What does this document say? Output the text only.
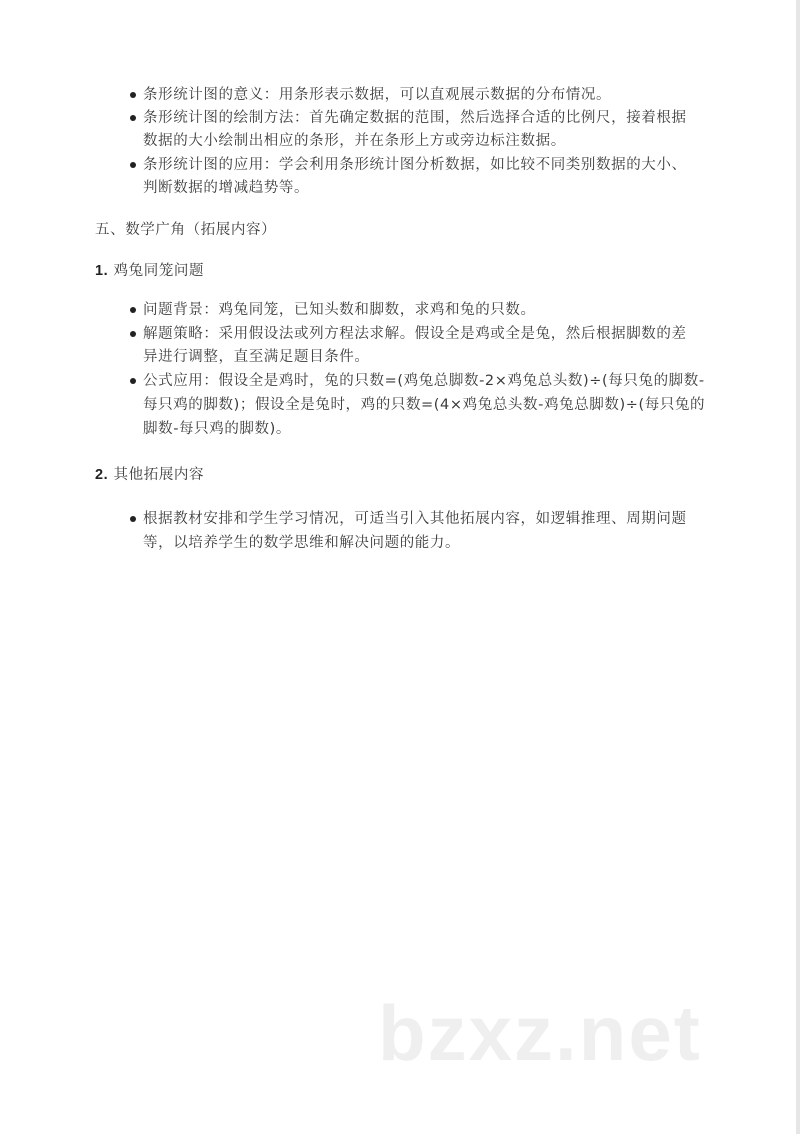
条形统计图的意义：用条形表示数据，可以直观展示数据的分布情况。
条形统计图的绘制方法：首先确定数据的范围，然后选择合适的比例尺，接着根据
数据的大小绘制出相应的条形，并在条形上方或旁边标注数据。
条形统计图的应用：学会利用条形统计图分析数据，如比较不同类别数据的大小、
判断数据的增减趋势等。
五、数学广角（拓展内容）
1. 鸡兔同笼问题
问题背景：鸡兔同笼，已知头数和脚数，求鸡和兔的只数。
解题策略：采用假设法或列方程法求解。假设全是鸡或全是兔，然后根据脚数的差
异进行调整，直至满足题目条件。
公式应用：假设全是鸡时，兔的只数=(鸡兔总脚数-2×鸡兔总头数)÷(每只兔的脚数-
每只鸡的脚数)；假设全是兔时，鸡的只数=(4×鸡兔总头数-鸡兔总脚数)÷(每只兔的
脚数-每只鸡的脚数)。
2. 其他拓展内容
根据教材安排和学生学习情况，可适当引入其他拓展内容，如逻辑推理、周期问题
等，以培养学生的数学思维和解决问题的能力。
bzxz.net
